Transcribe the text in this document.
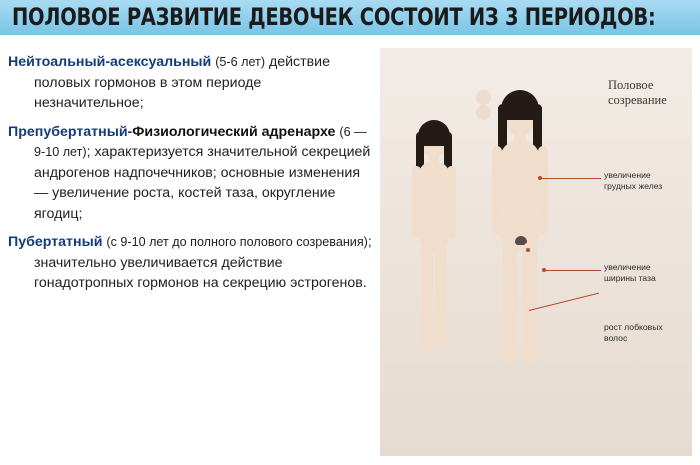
ПОЛОВОЕ РАЗВИТИЕ ДЕВОЧЕК СОСТОИТ ИЗ 3 ПЕРИОДОВ:
Нейтоальный-асексуальный (5-6 лет) действие половых гормонов в этом периоде незначительное;
Препубертатный-Физиологический адренархе (6 — 9-10 лет); характеризуется значительной секрецией андрогенов надпочечников; основные изменения — увеличение роста, костей таза, округление ягодиц;
Пубертатный (с 9-10 лет до полного полового созревания); значительно увеличивается действие гонадотропных гормонов на секрецию эстрогенов.
Половое созревание
увеличение грудных желез
увеличение ширины таза
рост лобковых волос
